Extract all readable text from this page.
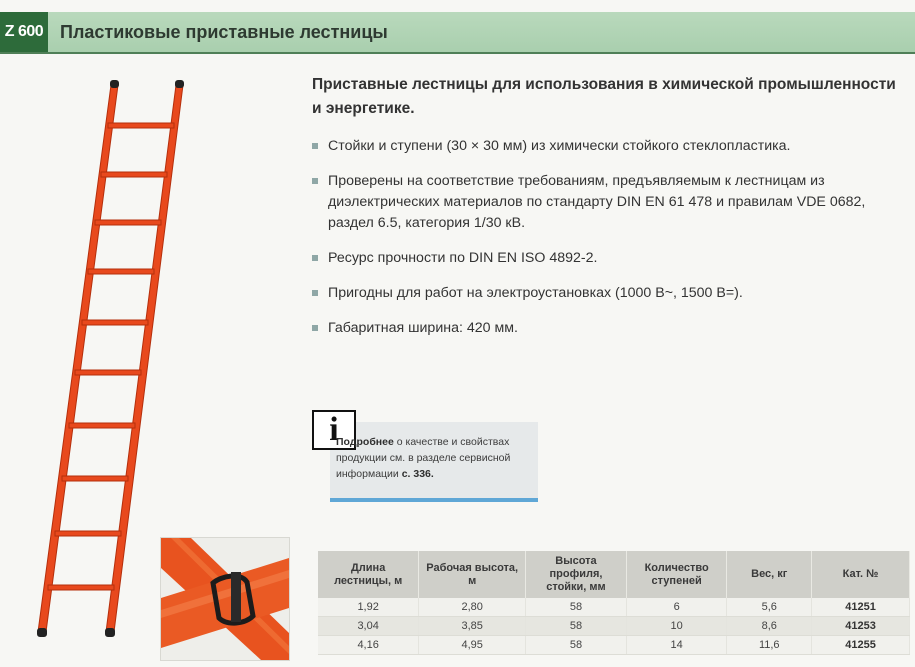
Z 600 Пластиковые приставные лестницы
Приставные лестницы для использования в химической промышленности и энергетике.
Стойки и ступени (30 × 30 мм) из химически стойкого стеклопластика.
Проверены на соответствие требованиям, предъявляемым к лестницам из диэлектрических материалов по стандарту DIN EN 61 478 и правилам VDE 0682, раздел 6.5, категория 1/30 кВ.
Ресурс прочности по DIN EN ISO 4892-2.
Пригодны для работ на электроустановках (1000 В~, 1500 В=).
Габаритная ширина: 420 мм.
i
Подробнее о качестве и свойствах продукции см. в разделе сервисной информации с. 336.
Длина лестницы, м	Рабочая высота, м	Высота профиля, стойки, мм	Количество ступеней	Вес, кг	Кат. №
1,92	2,80	58	6	5,6	41251
3,04	3,85	58	10	8,6	41253
4,16	4,95	58	14	11,6	41255
